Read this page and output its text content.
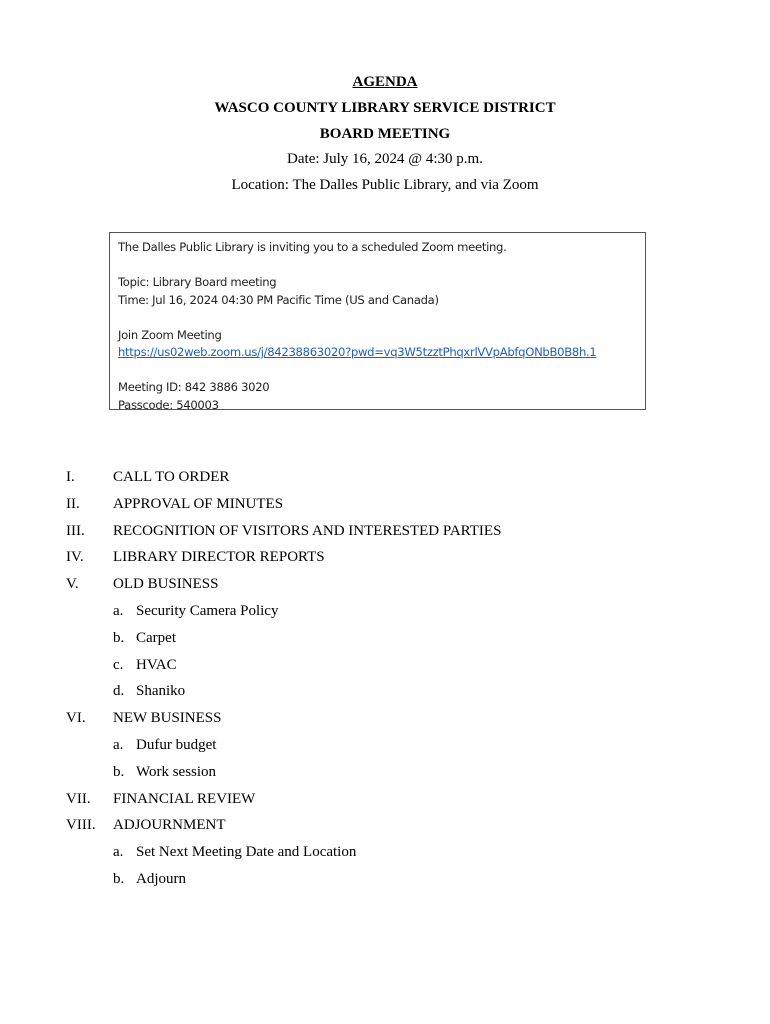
AGENDA
WASCO COUNTY LIBRARY SERVICE DISTRICT
BOARD MEETING
Date: July 16, 2024 @ 4:30 p.m.
Location: The Dalles Public Library, and via Zoom
The Dalles Public Library is inviting you to a scheduled Zoom meeting.
Topic: Library Board meeting
Time: Jul 16, 2024 04:30 PM Pacific Time (US and Canada)
Join Zoom Meeting
https://us02web.zoom.us/j/84238863020?pwd=vq3W5tzztPhqxrlVVpAbfqONbB0B8h.1
Meeting ID: 842 3886 3020
Passcode: 540003
I.	CALL TO ORDER
II. APPROVAL OF MINUTES
III. RECOGNITION OF VISITORS AND INTERESTED PARTIES
IV. LIBRARY DIRECTOR REPORTS
V. OLD BUSINESS
a. Security Camera Policy
b. Carpet
c. HVAC
d. Shaniko
VI. NEW BUSINESS
a. Dufur budget
b. Work session
VII. FINANCIAL REVIEW
VIII. ADJOURNMENT
a. Set Next Meeting Date and Location
b. Adjourn
